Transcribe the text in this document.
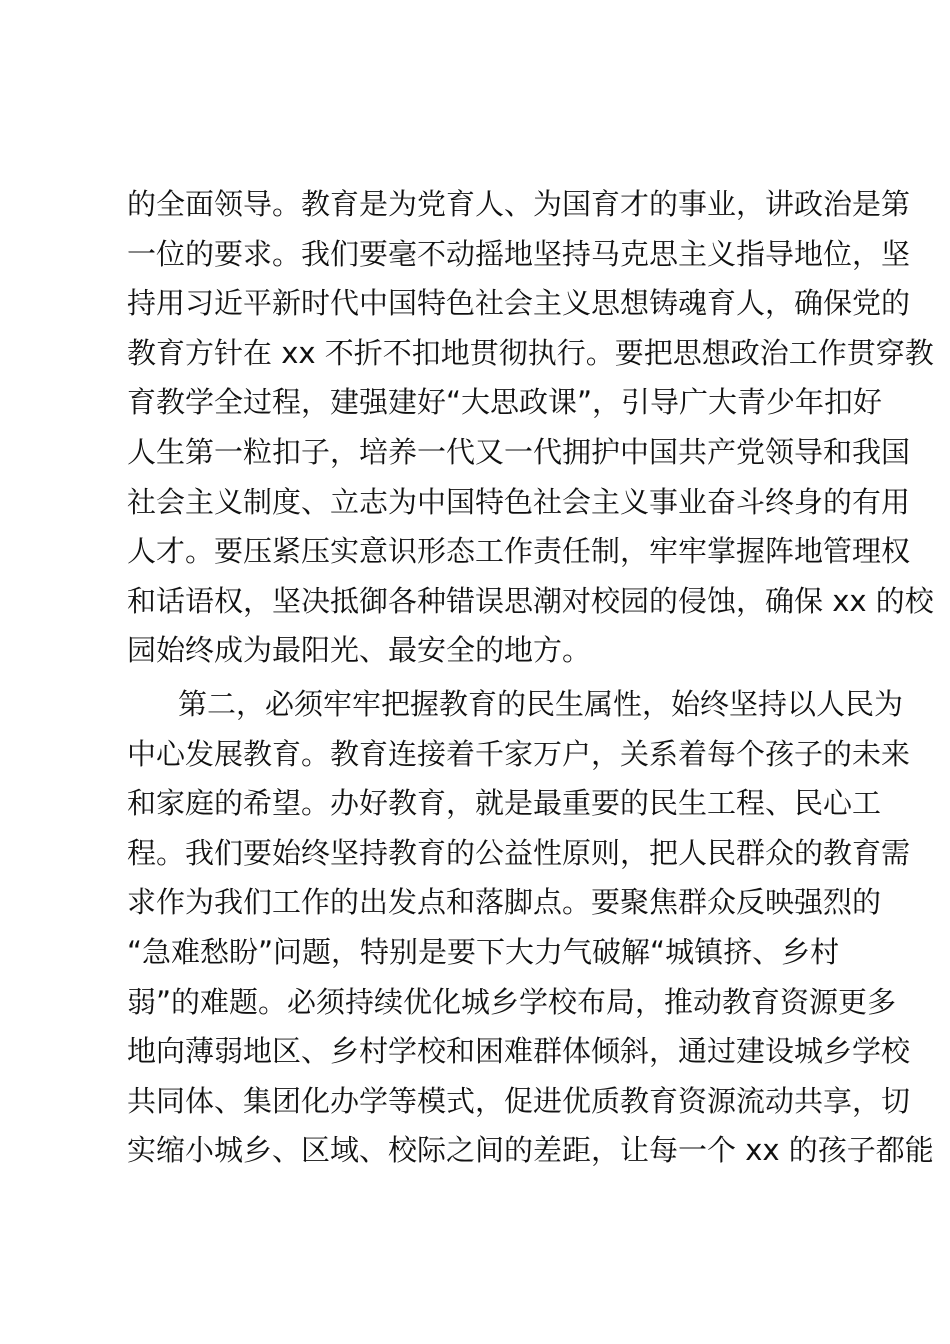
的全面领导。教育是为党育人、为国育才的事业，讲政治是第
一位的要求。我们要毫不动摇地坚持马克思主义指导地位，坚
持用习近平新时代中国特色社会主义思想铸魂育人，确保党的
教育方针在 xx 不折不扣地贯彻执行。要把思想政治工作贯穿教
育教学全过程，建强建好“大思政课”，引导广大青少年扣好
人生第一粒扣子，培养一代又一代拥护中国共产党领导和我国
社会主义制度、立志为中国特色社会主义事业奋斗终身的有用
人才。要压紧压实意识形态工作责任制，牢牢掌握阵地管理权
和话语权，坚决抵御各种错误思潮对校园的侵蚀，确保 xx 的校
园始终成为最阳光、最安全的地方。
第二，必须牢牢把握教育的民生属性，始终坚持以人民为
中心发展教育。教育连接着千家万户，关系着每个孩子的未来
和家庭的希望。办好教育，就是最重要的民生工程、民心工
程。我们要始终坚持教育的公益性原则，把人民群众的教育需
求作为我们工作的出发点和落脚点。要聚焦群众反映强烈的
“急难愁盼”问题，特别是要下大力气破解“城镇挤、乡村
弱”的难题。必须持续优化城乡学校布局，推动教育资源更多
地向薄弱地区、乡村学校和困难群体倾斜，通过建设城乡学校
共同体、集团化办学等模式，促进优质教育资源流动共享，切
实缩小城乡、区域、校际之间的差距，让每一个 xx 的孩子都能
